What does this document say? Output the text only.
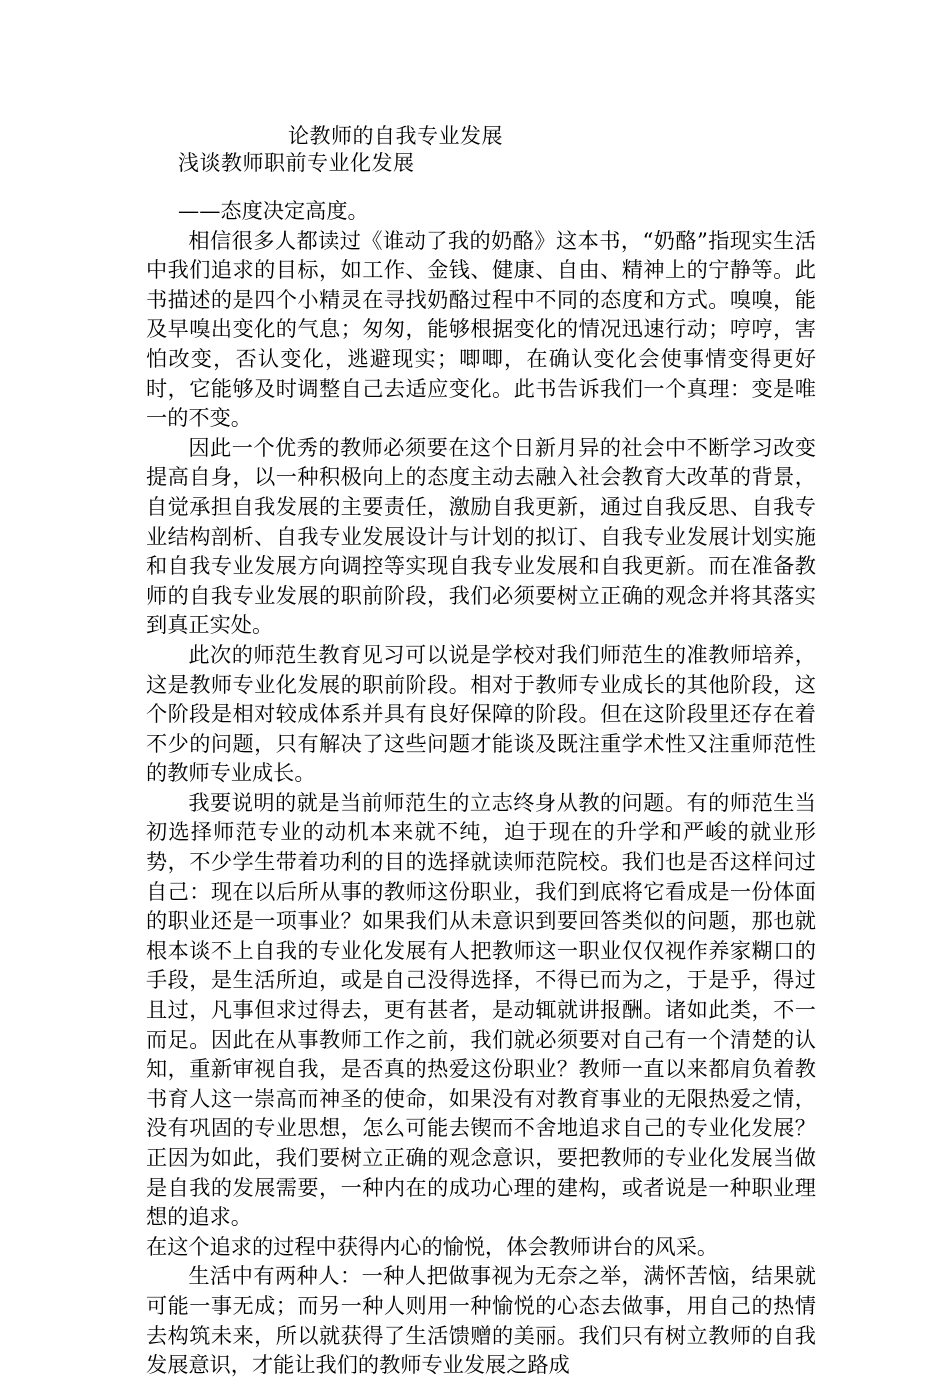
论教师的自我专业发展
浅谈教师职前专业化发展

——态度决定高度。

相信很多人都读过《谁动了我的奶酪》这本书，“奶酪”指现实生活中我们追求的目标，如工作、金钱、健康、自由、精神上的宁静等。此书描述的是四个小精灵在寻找奶酪过程中不同的态度和方式。嗅嗅，能及早嗅出变化的气息；匆匆，能够根据变化的情况迅速行动；哼哼，害怕改变，否认变化，逃避现实；唧唧，在确认变化会使事情变得更好时，它能够及时调整自己去适应变化。此书告诉我们一个真理：变是唯一的不变。

因此一个优秀的教师必须要在这个日新月异的社会中不断学习改变提高自身，以一种积极向上的态度主动去融入社会教育大改革的背景，自觉承担自我发展的主要责任，激励自我更新，通过自我反思、自我专业结构剖析、自我专业发展设计与计划的拟订、自我专业发展计划实施和自我专业发展方向调控等实现自我专业发展和自我更新。而在准备教师的自我专业发展的职前阶段，我们必须要树立正确的观念并将其落实到真正实处。

此次的师范生教育见习可以说是学校对我们师范生的准教师培养，这是教师专业化发展的职前阶段。相对于教师专业成长的其他阶段，这个阶段是相对较成体系并具有良好保障的阶段。但在这阶段里还存在着不少的问题，只有解决了这些问题才能谈及既注重学术性又注重师范性的教师专业成长。

我要说明的就是当前师范生的立志终身从教的问题。有的师范生当初选择师范专业的动机本来就不纯，迫于现在的升学和严峻的就业形势，不少学生带着功利的目的选择就读师范院校。我们也是否这样问过自己：现在以后所从事的教师这份职业，我们到底将它看成是一份体面的职业还是一项事业？如果我们从未意识到要回答类似的问题，那也就根本谈不上自我的专业化发展有人把教师这一职业仅仅视作养家糊口的手段，是生活所迫，或是自己没得选择，不得已而为之，于是乎，得过且过，凡事但求过得去，更有甚者，是动辄就讲报酬。诸如此类，不一而足。因此在从事教师工作之前，我们就必须要对自己有一个清楚的认知，重新审视自我，是否真的热爱这份职业？教师一直以来都肩负着教书育人这一崇高而神圣的使命，如果没有对教育事业的无限热爱之情，没有巩固的专业思想，怎么可能去锲而不舍地追求自己的专业化发展？正因为如此，我们要树立正确的观念意识，要把教师的专业化发展当做是自我的发展需要，一种内在的成功心理的建构，或者说是一种职业理想的追求。

在这个追求的过程中获得内心的愉悦，体会教师讲台的风采。

生活中有两种人：一种人把做事视为无奈之举，满怀苦恼，结果就可能一事无成；而另一种人则用一种愉悦的心态去做事，用自己的热情去构筑未来，所以就获得了生活馈赠的美丽。我们只有树立教师的自我发展意识，才能让我们的教师专业发展之路成
